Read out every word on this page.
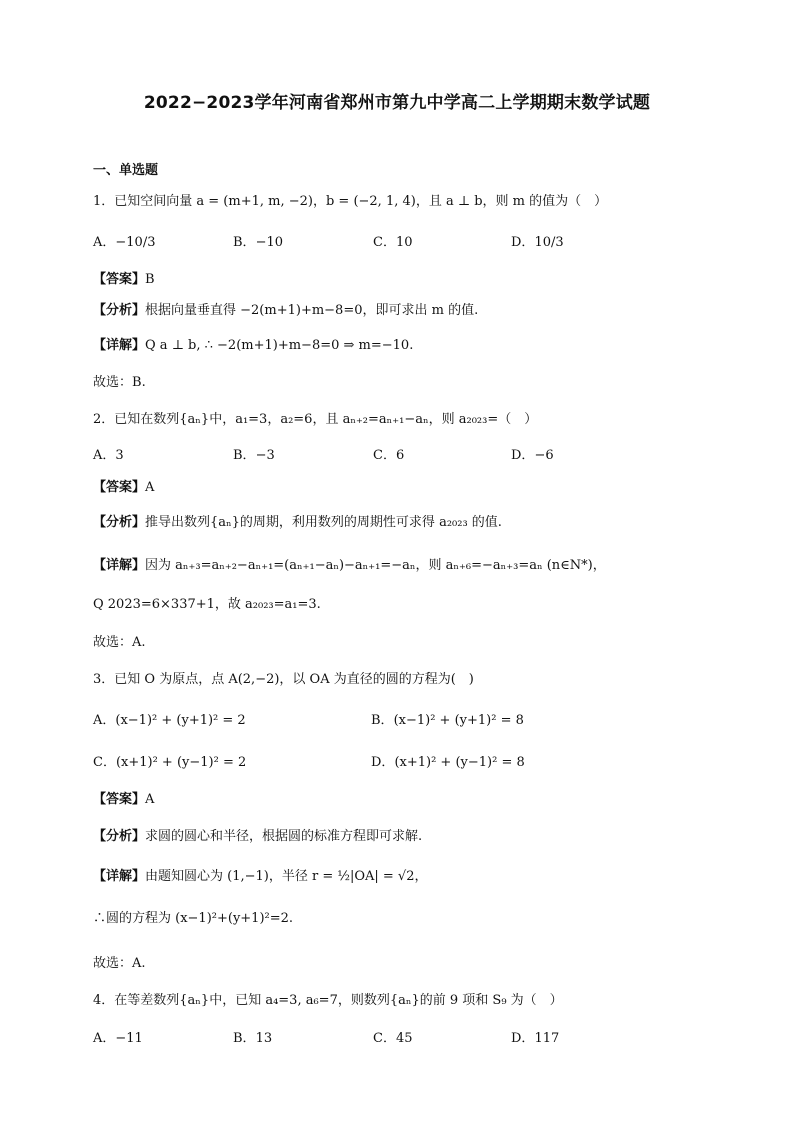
2022−2023学年河南省郑州市第九中学高二上学期期末数学试题
一、单选题
1．已知空间向量 a = (m+1, m, −2)，b = (−2, 1, 4)，且 a ⊥ b，则 m 的值为（　）
A．−10/3	B．−10	C．10	D．10/3
【答案】B
【分析】根据向量垂直得 −2(m+1)+m−8=0，即可求出 m 的值.
【详解】Q a ⊥ b, ∴ −2(m+1)+m−8=0 ⇒ m=−10.
故选：B.
2．已知在数列{aₙ}中，a₁=3，a₂=6，且 aₙ₊₂=aₙ₊₁−aₙ，则 a₂₀₂₃=（　）
A．3	B．−3	C．6	D．−6
【答案】A
【分析】推导出数列{aₙ}的周期，利用数列的周期性可求得 a₂₀₂₃ 的值.
【详解】因为 aₙ₊₃=aₙ₊₂−aₙ₊₁=(aₙ₊₁−aₙ)−aₙ₊₁=−aₙ，则 aₙ₊₆=−aₙ₊₃=aₙ (n∈N*)，
Q 2023=6×337+1，故 a₂₀₂₃=a₁=3.
故选：A.
3．已知 O 为原点，点 A(2,−2)，以 OA 为直径的圆的方程为(　)
A．(x−1)² + (y+1)² = 2	B．(x−1)² + (y+1)² = 8
C．(x+1)² + (y−1)² = 2	D．(x+1)² + (y−1)² = 8
【答案】A
【分析】求圆的圆心和半径，根据圆的标准方程即可求解.
【详解】由题知圆心为 (1,−1)，半径 r = ½|OA| = √2，
∴圆的方程为 (x−1)²+(y+1)²=2.
故选：A.
4．在等差数列{aₙ}中，已知 a₄=3, a₆=7，则数列{aₙ}的前 9 项和 S₉ 为（　）
A．−11	B．13	C．45	D．117
